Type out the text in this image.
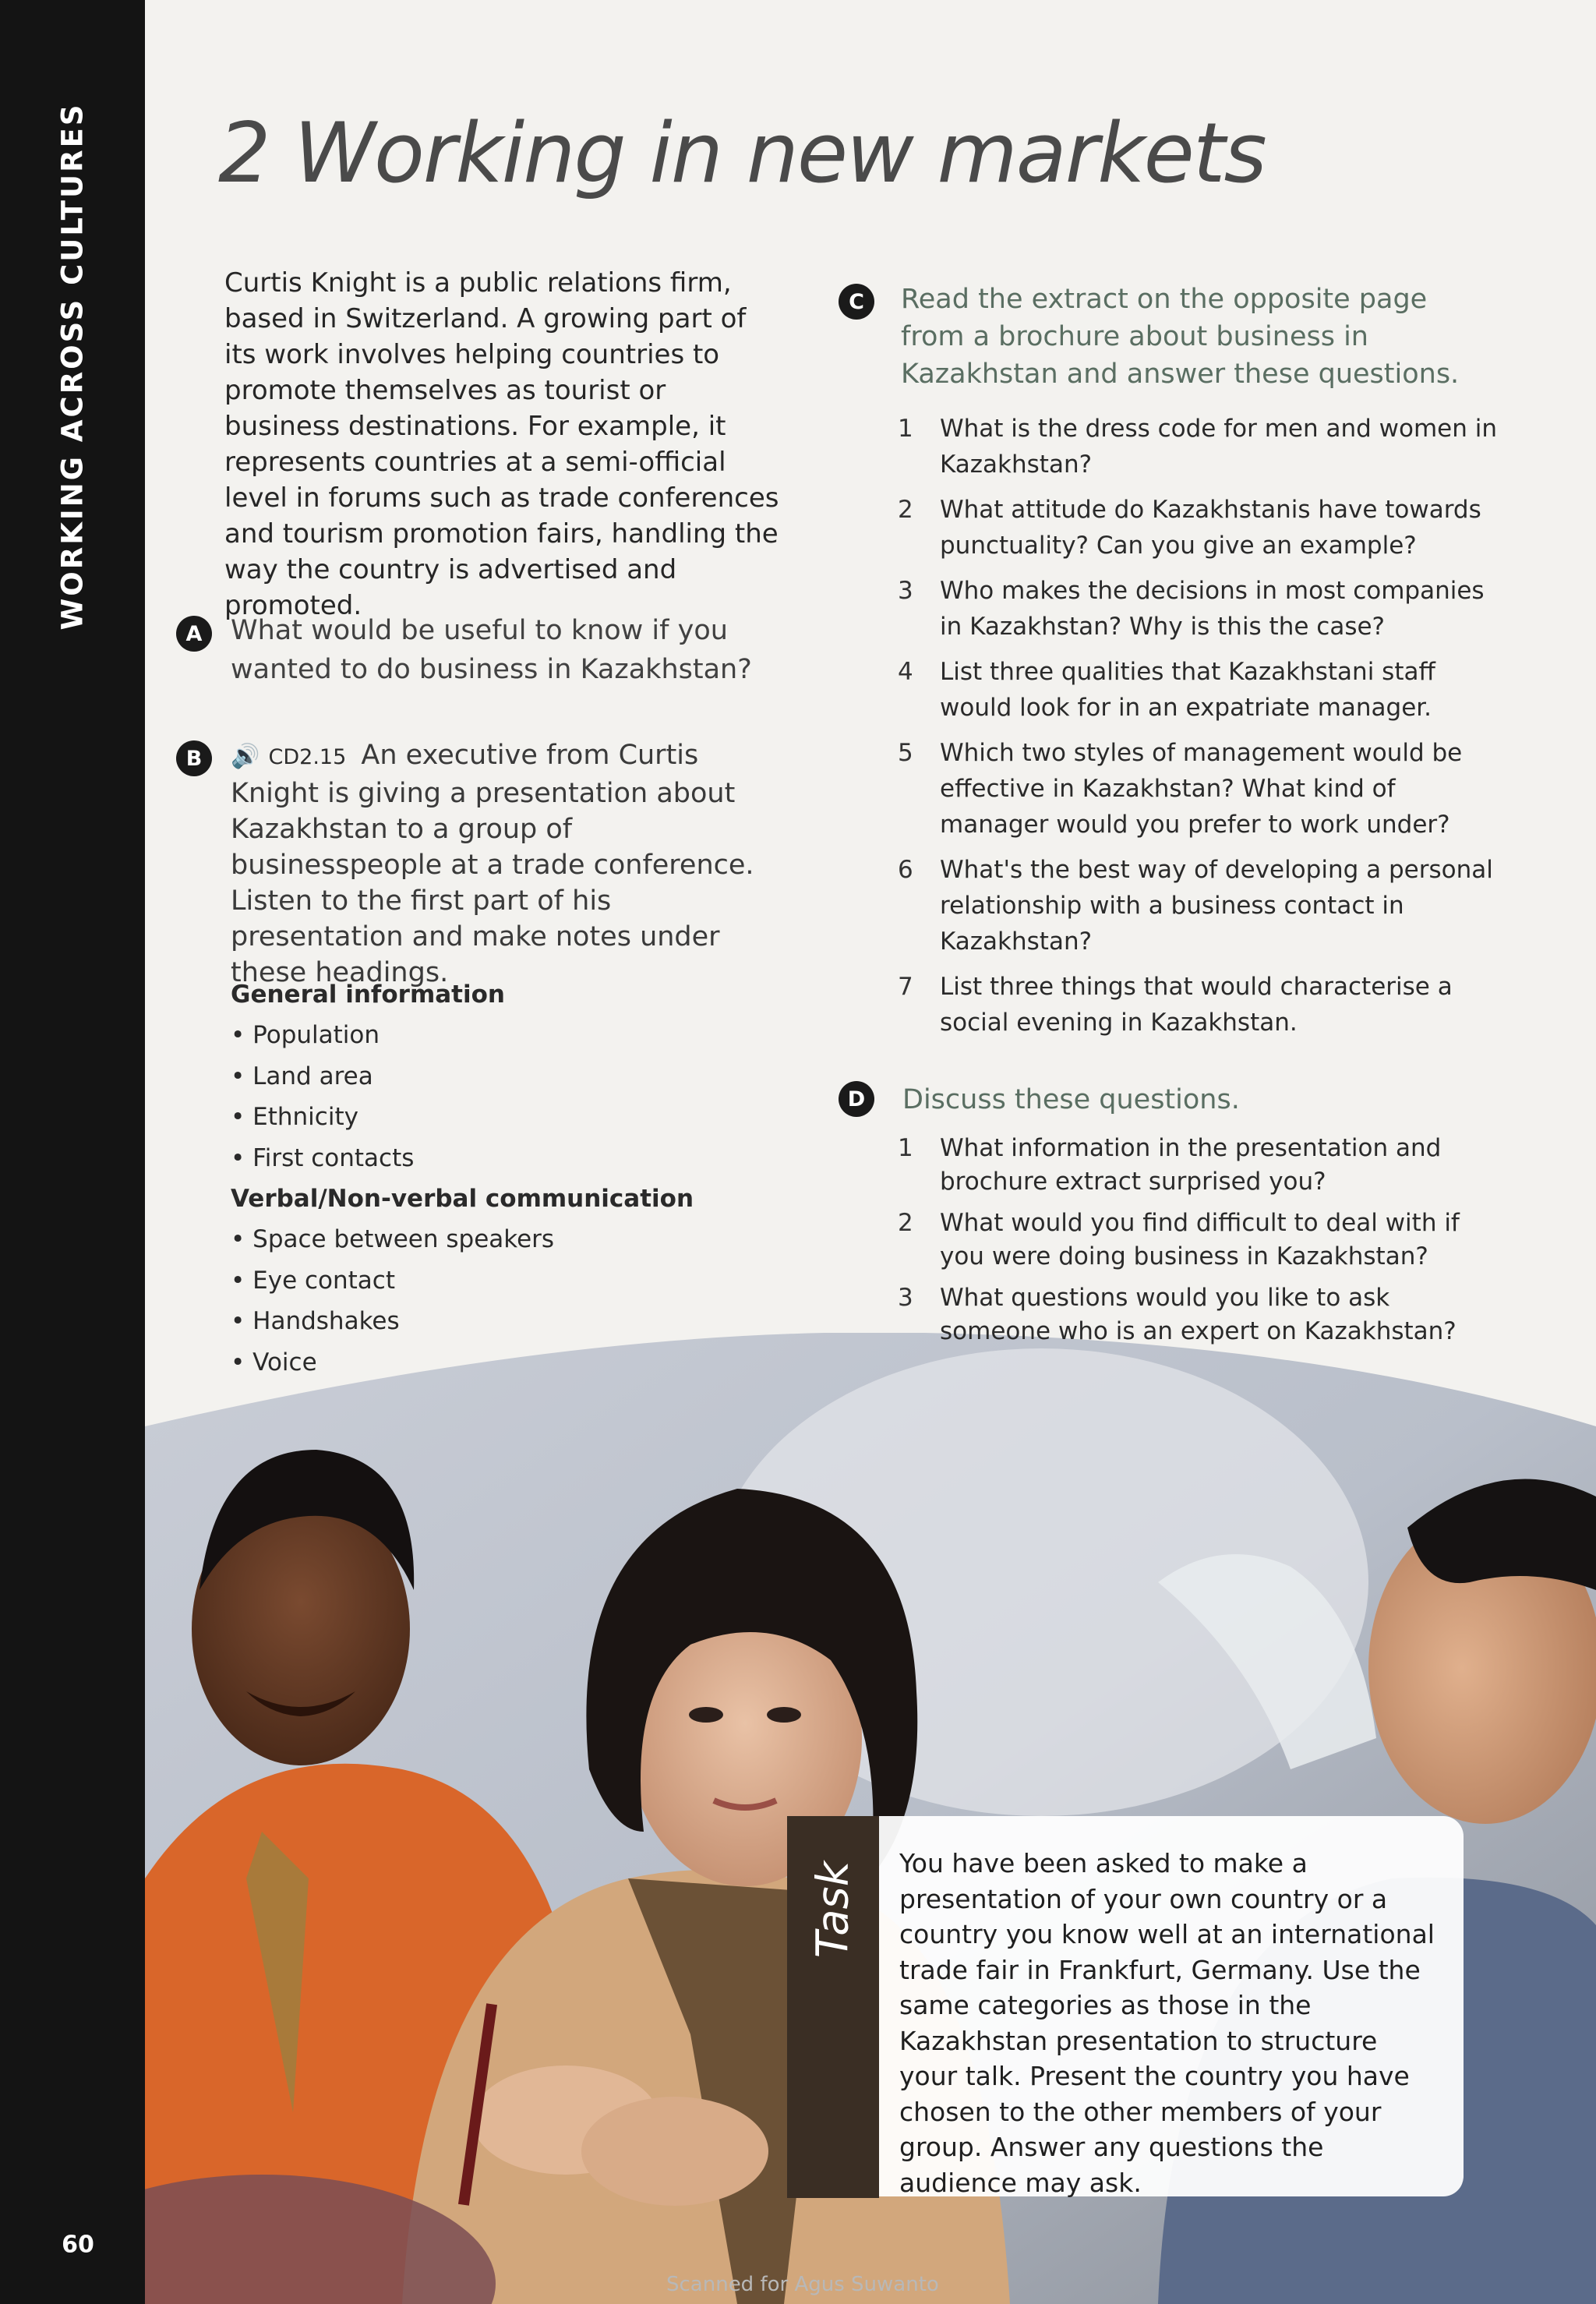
WORKING ACROSS CULTURES
60
2 Working in new markets

Curtis Knight is a public relations firm, based in Switzerland. A growing part of its work involves helping countries to promote themselves as tourist or business destinations. For example, it represents countries at a semi-official level in forums such as trade conferences and tourism promotion fairs, handling the way the country is advertised and promoted.

A	What would be useful to know if you wanted to do business in Kazakhstan?

B	🔊 CD2.15 An executive from Curtis Knight is giving a presentation about Kazakhstan to a group of businesspeople at a trade conference. Listen to the first part of his presentation and make notes under these headings.

General information
• Population
• Land area
• Ethnicity
• First contacts
Verbal/Non-verbal communication
• Space between speakers
• Eye contact
• Handshakes
• Voice
C	Read the extract on the opposite page from a brochure about business in Kazakhstan and answer these questions.

1 What is the dress code for men and women in Kazakhstan?
2 What attitude do Kazakhstanis have towards punctuality? Can you give an example?
3 Who makes the decisions in most companies in Kazakhstan? Why is this the case?
4 List three qualities that Kazakhstani staff would look for in an expatriate manager.
5 Which two styles of management would be effective in Kazakhstan? What kind of manager would you prefer to work under?
6 What's the best way of developing a personal relationship with a business contact in Kazakhstan?
7 List three things that would characterise a social evening in Kazakhstan.
D	Discuss these questions.

1 What information in the presentation and brochure extract surprised you?
2 What would you find difficult to deal with if you were doing business in Kazakhstan?
3 What questions would you like to ask someone who is an expert on Kazakhstan?
Task	You have been asked to make a presentation of your own country or a country you know well at an international trade fair in Frankfurt, Germany. Use the same categories as those in the Kazakhstan presentation to structure your talk. Present the country you have chosen to the other members of your group. Answer any questions the audience may ask.
Scanned for Agus Suwanto
